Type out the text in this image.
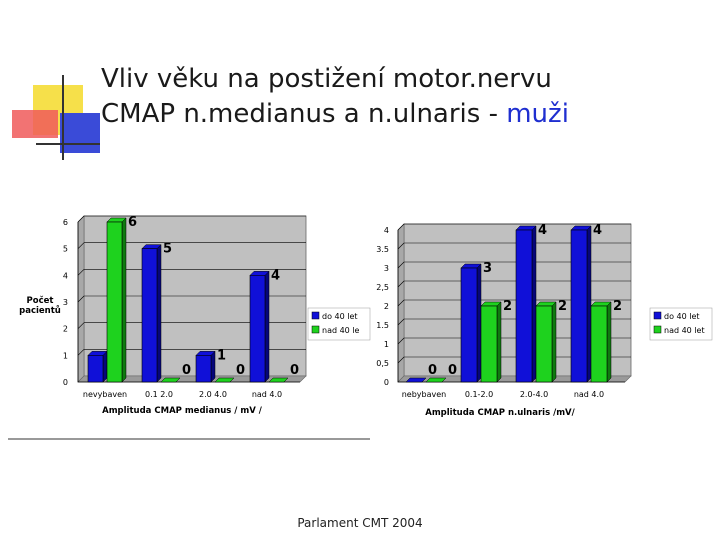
Vliv věku na postižení motor.nervu
CMAP n.medianus a n.ulnaris - muži
0
1
2
3
4
5
6	6
nevybaven
5
0
0.1 2.0
1
0
2.0 4.0
4
0
nad 4.0
Amplituda CMAP medianus / mV /
Počet
pacientů
do 40 let
nad 40 le
0
0,5
1
1.5
2
2,5
3
3.5
4
0 0
nebybaven
3
2
0.1-2.0
4
2
2.0-4.0
4
2
nad 4.0
Amplituda CMAP n.ulnaris /mV/
do 40 let
nad 40 let
Parlament CMT 2004
